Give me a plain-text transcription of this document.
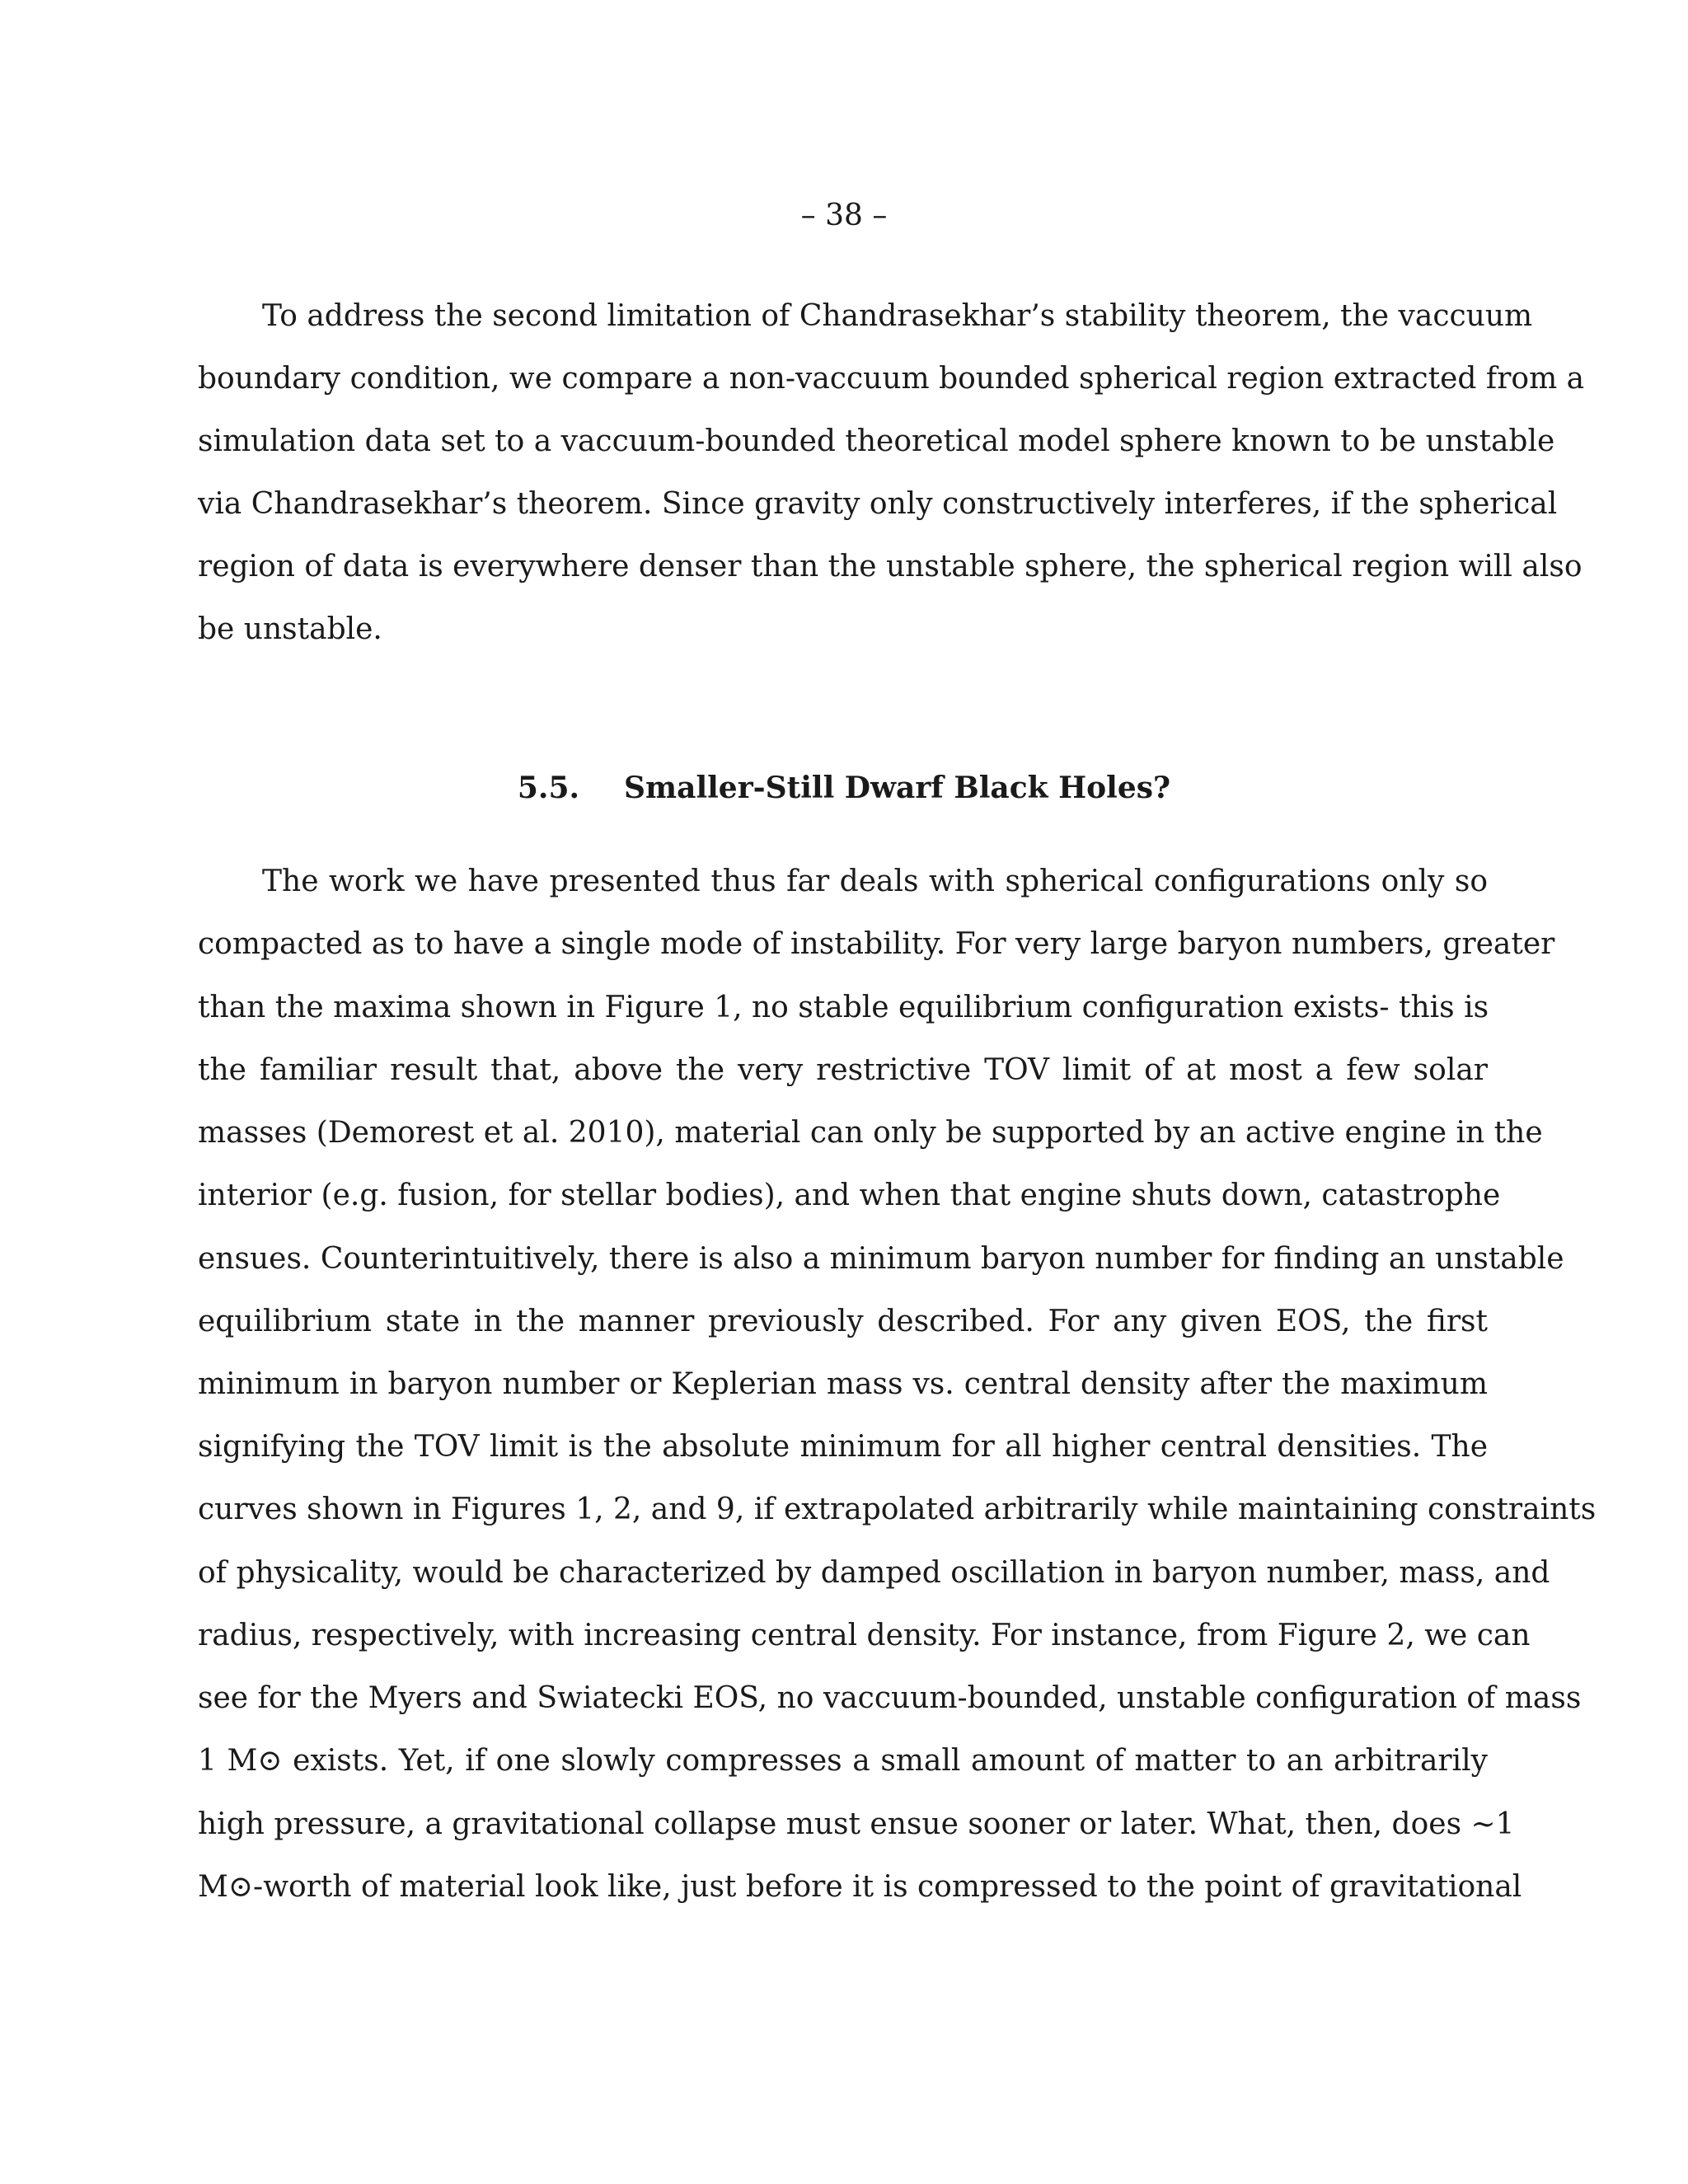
– 38 –
To address the second limitation of Chandrasekhar’s stability theorem, the vaccuum
boundary condition, we compare a non-vaccuum bounded spherical region extracted from a
simulation data set to a vaccuum-bounded theoretical model sphere known to be unstable
via Chandrasekhar’s theorem. Since gravity only constructively interferes, if the spherical
region of data is everywhere denser than the unstable sphere, the spherical region will also
be unstable.
5.5. Smaller-Still Dwarf Black Holes?
The work we have presented thus far deals with spherical configurations only so
compacted as to have a single mode of instability. For very large baryon numbers, greater
than the maxima shown in Figure 1, no stable equilibrium configuration exists- this is
the familiar result that, above the very restrictive TOV limit of at most a few solar
masses (Demorest et al. 2010), material can only be supported by an active engine in the
interior (e.g. fusion, for stellar bodies), and when that engine shuts down, catastrophe
ensues. Counterintuitively, there is also a minimum baryon number for finding an unstable
equilibrium state in the manner previously described. For any given EOS, the first
minimum in baryon number or Keplerian mass vs. central density after the maximum
signifying the TOV limit is the absolute minimum for all higher central densities. The
curves shown in Figures 1, 2, and 9, if extrapolated arbitrarily while maintaining constraints
of physicality, would be characterized by damped oscillation in baryon number, mass, and
radius, respectively, with increasing central density. For instance, from Figure 2, we can
see for the Myers and Swiatecki EOS, no vaccuum-bounded, unstable configuration of mass
1 M⊙ exists. Yet, if one slowly compresses a small amount of matter to an arbitrarily
high pressure, a gravitational collapse must ensue sooner or later. What, then, does ∼1
M⊙-worth of material look like, just before it is compressed to the point of gravitational
